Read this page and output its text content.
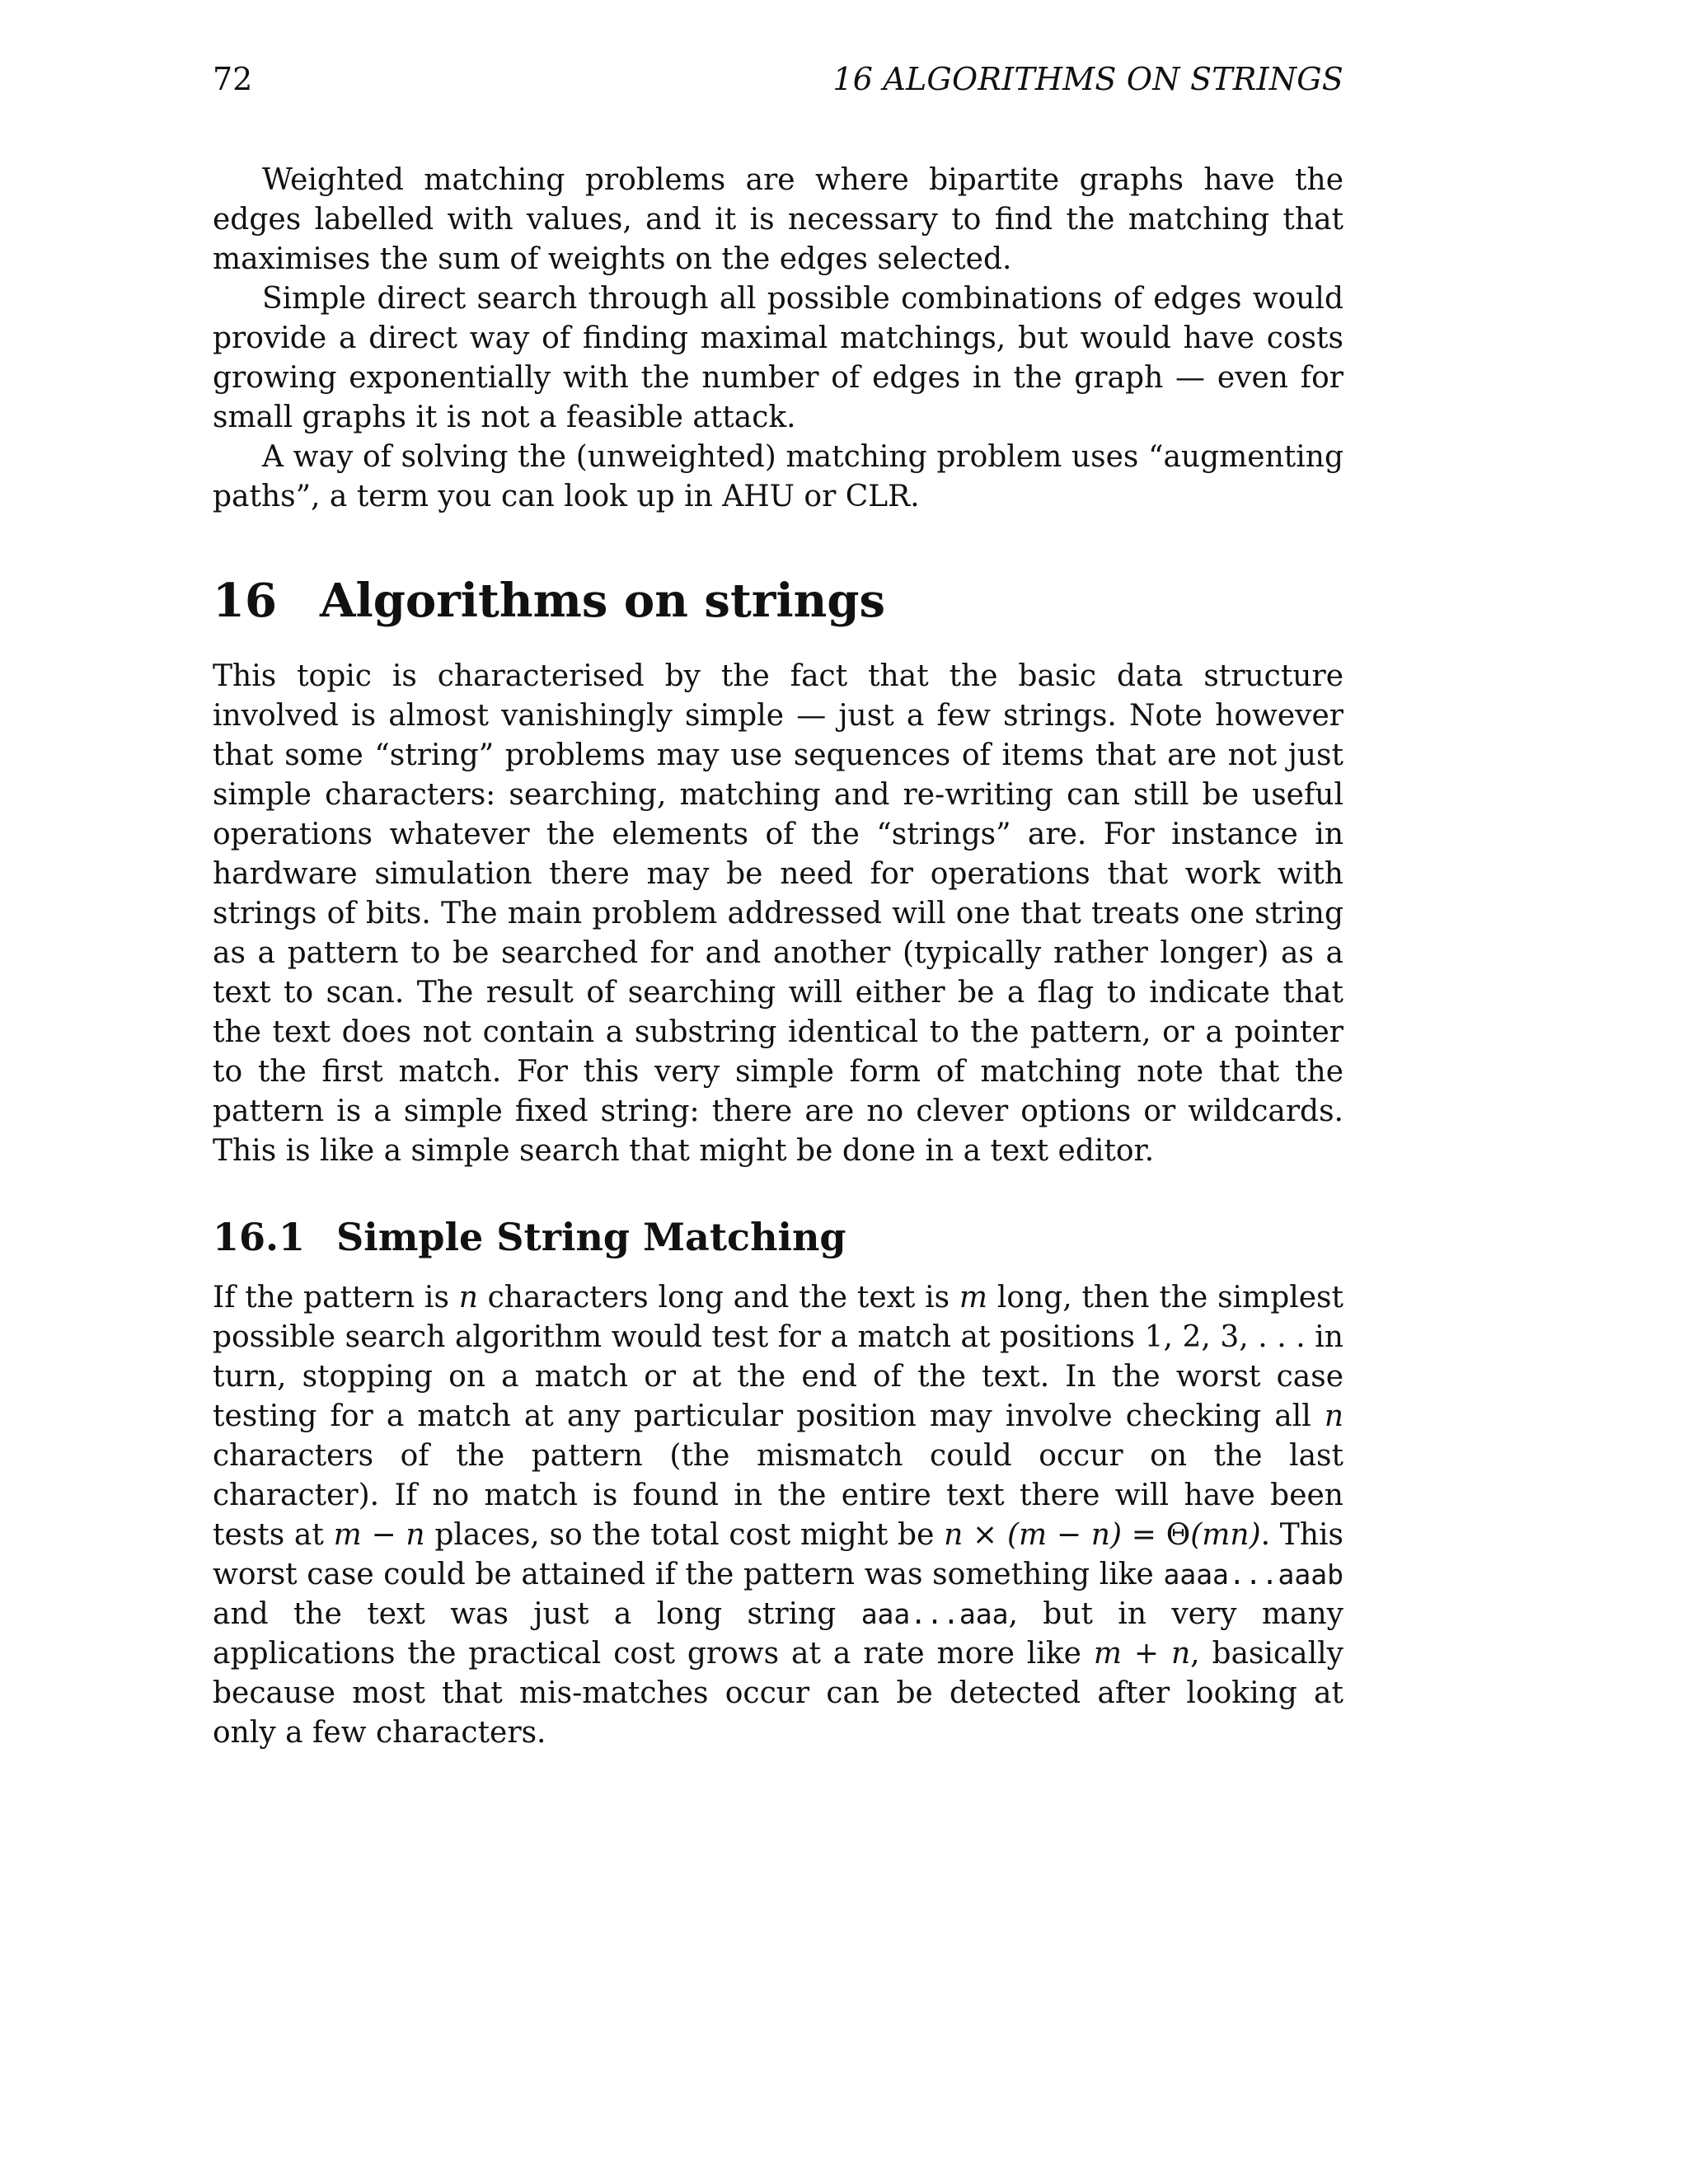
72	16 ALGORITHMS ON STRINGS

Weighted matching problems are where bipartite graphs have the edges labelled with values, and it is necessary to find the matching that maximises the sum of weights on the edges selected.

Simple direct search through all possible combinations of edges would provide a direct way of finding maximal matchings, but would have costs growing exponentially with the number of edges in the graph — even for small graphs it is not a feasible attack.

A way of solving the (unweighted) matching problem uses “augmenting paths”, a term you can look up in AHU or CLR.

16 Algorithms on strings

This topic is characterised by the fact that the basic data structure involved is almost vanishingly simple — just a few strings. Note however that some “string” problems may use sequences of items that are not just simple characters: searching, matching and re-writing can still be useful operations whatever the elements of the “strings” are. For instance in hardware simulation there may be need for operations that work with strings of bits. The main problem addressed will one that treats one string as a pattern to be searched for and another (typically rather longer) as a text to scan. The result of searching will either be a flag to indicate that the text does not contain a substring identical to the pattern, or a pointer to the first match. For this very simple form of matching note that the pattern is a simple fixed string: there are no clever options or wildcards. This is like a simple search that might be done in a text editor.

16.1 Simple String Matching

If the pattern is n characters long and the text is m long, then the simplest possible search algorithm would test for a match at positions 1, 2, 3, . . . in turn, stopping on a match or at the end of the text. In the worst case testing for a match at any particular position may involve checking all n characters of the pattern (the mismatch could occur on the last character). If no match is found in the entire text there will have been tests at m − n places, so the total cost might be n × (m − n) = Θ(mn). This worst case could be attained if the pattern was something like aaaa...aaab and the text was just a long string aaa...aaa, but in very many applications the practical cost grows at a rate more like m + n, basically because most that mis-matches occur can be detected after looking at only a few characters.
